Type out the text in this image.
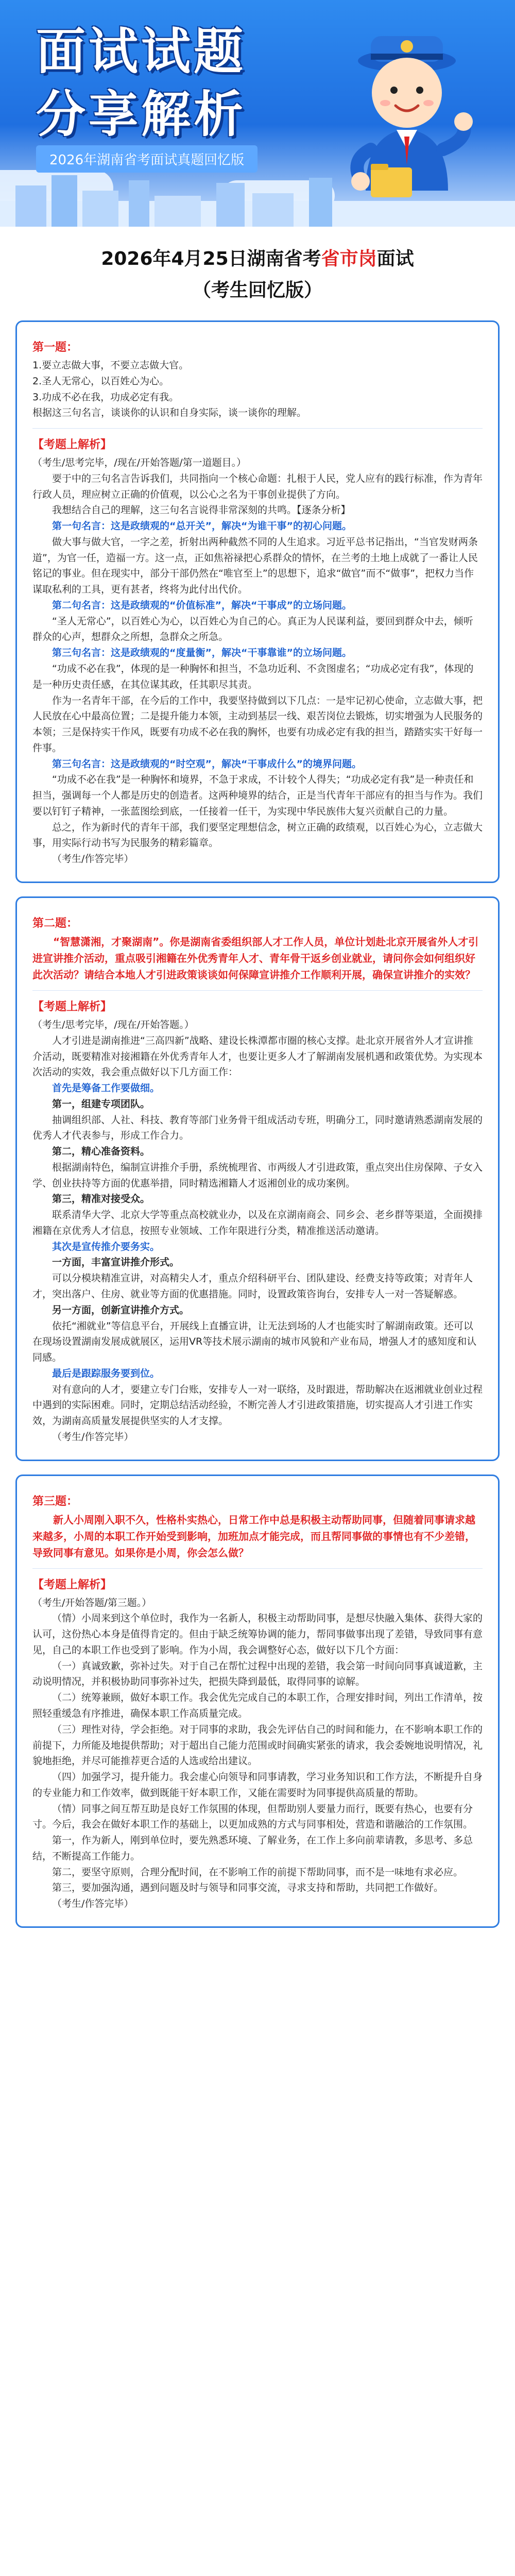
面试试题
分享解析
2026年湖南省考面试真题回忆版
2026年4月25日湖南省考省市岗面试
（考生回忆版）
第一题：
1.要立志做大事，不要立志做大官。
2.圣人无常心，以百姓心为心。
3.功成不必在我，功成必定有我。
根据这三句名言，谈谈你的认识和自身实际，谈一谈你的理解。
【考题上解析】
（考生/思考完毕，/现在/开始答题/第一道题目。）
要于中的三句名言告诉我们，共同指向一个核心命题：扎根于人民，党人应有的践行标准，作为青年行政人员，理应树立正确的价值观，以公心之名为干事创业提供了方向。
我想结合自己的理解，这三句名言说得非常深刻的共鸣。【逐条分析】
第一句名言：这是政绩观的“总开关”，解决“为谁干事”的初心问题。
做大事与做大官，一字之差，折射出两种截然不同的人生追求。习近平总书记指出，“当官发财两条道”，为官一任，造福一方。这一点，正如焦裕禄把心系群众的情怀，在兰考的土地上成就了一番让人民铭记的事业。但在现实中，部分干部仍然在“唯官至上”的思想下，追求“做官”而不“做事”，把权力当作谋取私利的工具，更有甚者，终将为此付出代价。
第二句名言：这是政绩观的“价值标准”，解决“干事成”的立场问题。
“圣人无常心”，以百姓心为心，以百姓心为自己的心。真正为人民谋利益，要回到群众中去，倾听群众的心声，想群众之所想，急群众之所急。
第三句名言：这是政绩观的“度量衡”，解决“干事靠谁”的立场问题。
“功成不必在我”，体现的是一种胸怀和担当，不急功近利、不贪图虚名；“功成必定有我”，体现的是一种历史责任感，在其位谋其政，任其职尽其责。
作为一名青年干部，在今后的工作中，我要坚持做到以下几点：一是牢记初心使命，立志做大事，把人民放在心中最高位置；二是提升能力本领，主动到基层一线、艰苦岗位去锻炼，切实增强为人民服务的本领；三是保持实干作风，既要有功成不必在我的胸怀，也要有功成必定有我的担当，踏踏实实干好每一件事。
第三句名言：这是政绩观的“时空观”，解决“干事成什么”的境界问题。
“功成不必在我”是一种胸怀和境界，不急于求成，不计较个人得失；“功成必定有我”是一种责任和担当，强调每一个人都是历史的创造者。这两种境界的结合，正是当代青年干部应有的担当与作为。我们要以钉钉子精神，一张蓝图绘到底，一任接着一任干，为实现中华民族伟大复兴贡献自己的力量。
总之，作为新时代的青年干部，我们要坚定理想信念，树立正确的政绩观，以百姓心为心，立志做大事，用实际行动书写为民服务的精彩篇章。
（考生/作答完毕）
第二题：
“智慧潇湘，才聚湖南”。你是湖南省委组织部人才工作人员，单位计划赴北京开展省外人才引进宣讲推介活动，重点吸引湘籍在外优秀青年人才、青年骨干返乡创业就业，请问你会如何组织好此次活动？请结合本地人才引进政策谈谈如何保障宣讲推介工作顺利开展，确保宣讲推介的实效？
【考题上解析】
（考生/思考完毕，/现在/开始答题。）
人才引进是湖南推进“三高四新”战略、建设长株潭都市圈的核心支撑。赴北京开展省外人才宣讲推介活动，既要精准对接湘籍在外优秀青年人才，也要让更多人才了解湖南发展机遇和政策优势。为实现本次活动的实效，我会重点做好以下几方面工作：
首先是筹备工作要做细。
第一，组建专项团队。
抽调组织部、人社、科技、教育等部门业务骨干组成活动专班，明确分工，同时邀请熟悉湖南发展的优秀人才代表参与，形成工作合力。
第二，精心准备资料。
根据湖南特色，编制宣讲推介手册，系统梳理省、市两级人才引进政策，重点突出住房保障、子女入学、创业扶持等方面的优惠举措，同时精选湘籍人才返湘创业的成功案例。
第三，精准对接受众。
联系清华大学、北京大学等重点高校就业办，以及在京湖南商会、同乡会、老乡群等渠道，全面摸排湘籍在京优秀人才信息，按照专业领域、工作年限进行分类，精准推送活动邀请。
其次是宣传推介要务实。
一方面，丰富宣讲推介形式。
可以分模块精准宣讲，对高精尖人才，重点介绍科研平台、团队建设、经费支持等政策；对青年人才，突出落户、住房、就业等方面的优惠措施。同时，设置政策咨询台，安排专人一对一答疑解惑。
另一方面，创新宣讲推介方式。
依托“湘就业”等信息平台，开展线上直播宣讲，让无法到场的人才也能实时了解湖南政策。还可以在现场设置湖南发展成就展区，运用VR等技术展示湖南的城市风貌和产业布局，增强人才的感知度和认同感。
最后是跟踪服务要到位。
对有意向的人才，要建立专门台账，安排专人一对一联络，及时跟进，帮助解决在返湘就业创业过程中遇到的实际困难。同时，定期总结活动经验，不断完善人才引进政策措施，切实提高人才引进工作实效，为湖南高质量发展提供坚实的人才支撑。
（考生/作答完毕）
第三题：
新人小周刚入职不久，性格朴实热心，日常工作中总是积极主动帮助同事，但随着同事请求越来越多，小周的本职工作开始受到影响，加班加点才能完成，而且帮同事做的事情也有不少差错，导致同事有意见。如果你是小周，你会怎么做？
【考题上解析】
（考生/开始答题/第三题。）
（情）小周来到这个单位时，我作为一名新人，积极主动帮助同事，是想尽快融入集体、获得大家的认可，这份热心本身是值得肯定的。但由于缺乏统筹协调的能力，帮同事做事出现了差错，导致同事有意见，自己的本职工作也受到了影响。作为小周，我会调整好心态，做好以下几个方面：
（一）真诚致歉，弥补过失。对于自己在帮忙过程中出现的差错，我会第一时间向同事真诚道歉，主动说明情况，并积极协助同事弥补过失，把损失降到最低，取得同事的谅解。
（二）统筹兼顾，做好本职工作。我会优先完成自己的本职工作，合理安排时间，列出工作清单，按照轻重缓急有序推进，确保本职工作高质量完成。
（三）理性对待，学会拒绝。对于同事的求助，我会先评估自己的时间和能力，在不影响本职工作的前提下，力所能及地提供帮助；对于超出自己能力范围或时间确实紧张的请求，我会委婉地说明情况，礼貌地拒绝，并尽可能推荐更合适的人选或给出建议。
（四）加强学习，提升能力。我会虚心向领导和同事请教，学习业务知识和工作方法，不断提升自身的专业能力和工作效率，做到既能干好本职工作，又能在需要时为同事提供高质量的帮助。
（情）同事之间互帮互助是良好工作氛围的体现，但帮助别人要量力而行，既要有热心，也要有分寸。今后，我会在做好本职工作的基础上，以更加成熟的方式与同事相处，营造和谐融洽的工作氛围。
第一，作为新人，刚到单位时，要先熟悉环境、了解业务，在工作上多向前辈请教，多思考、多总结，不断提高工作能力。
第二，要坚守原则，合理分配时间，在不影响工作的前提下帮助同事，而不是一味地有求必应。
第三，要加强沟通，遇到问题及时与领导和同事交流，寻求支持和帮助，共同把工作做好。
（考生/作答完毕）
